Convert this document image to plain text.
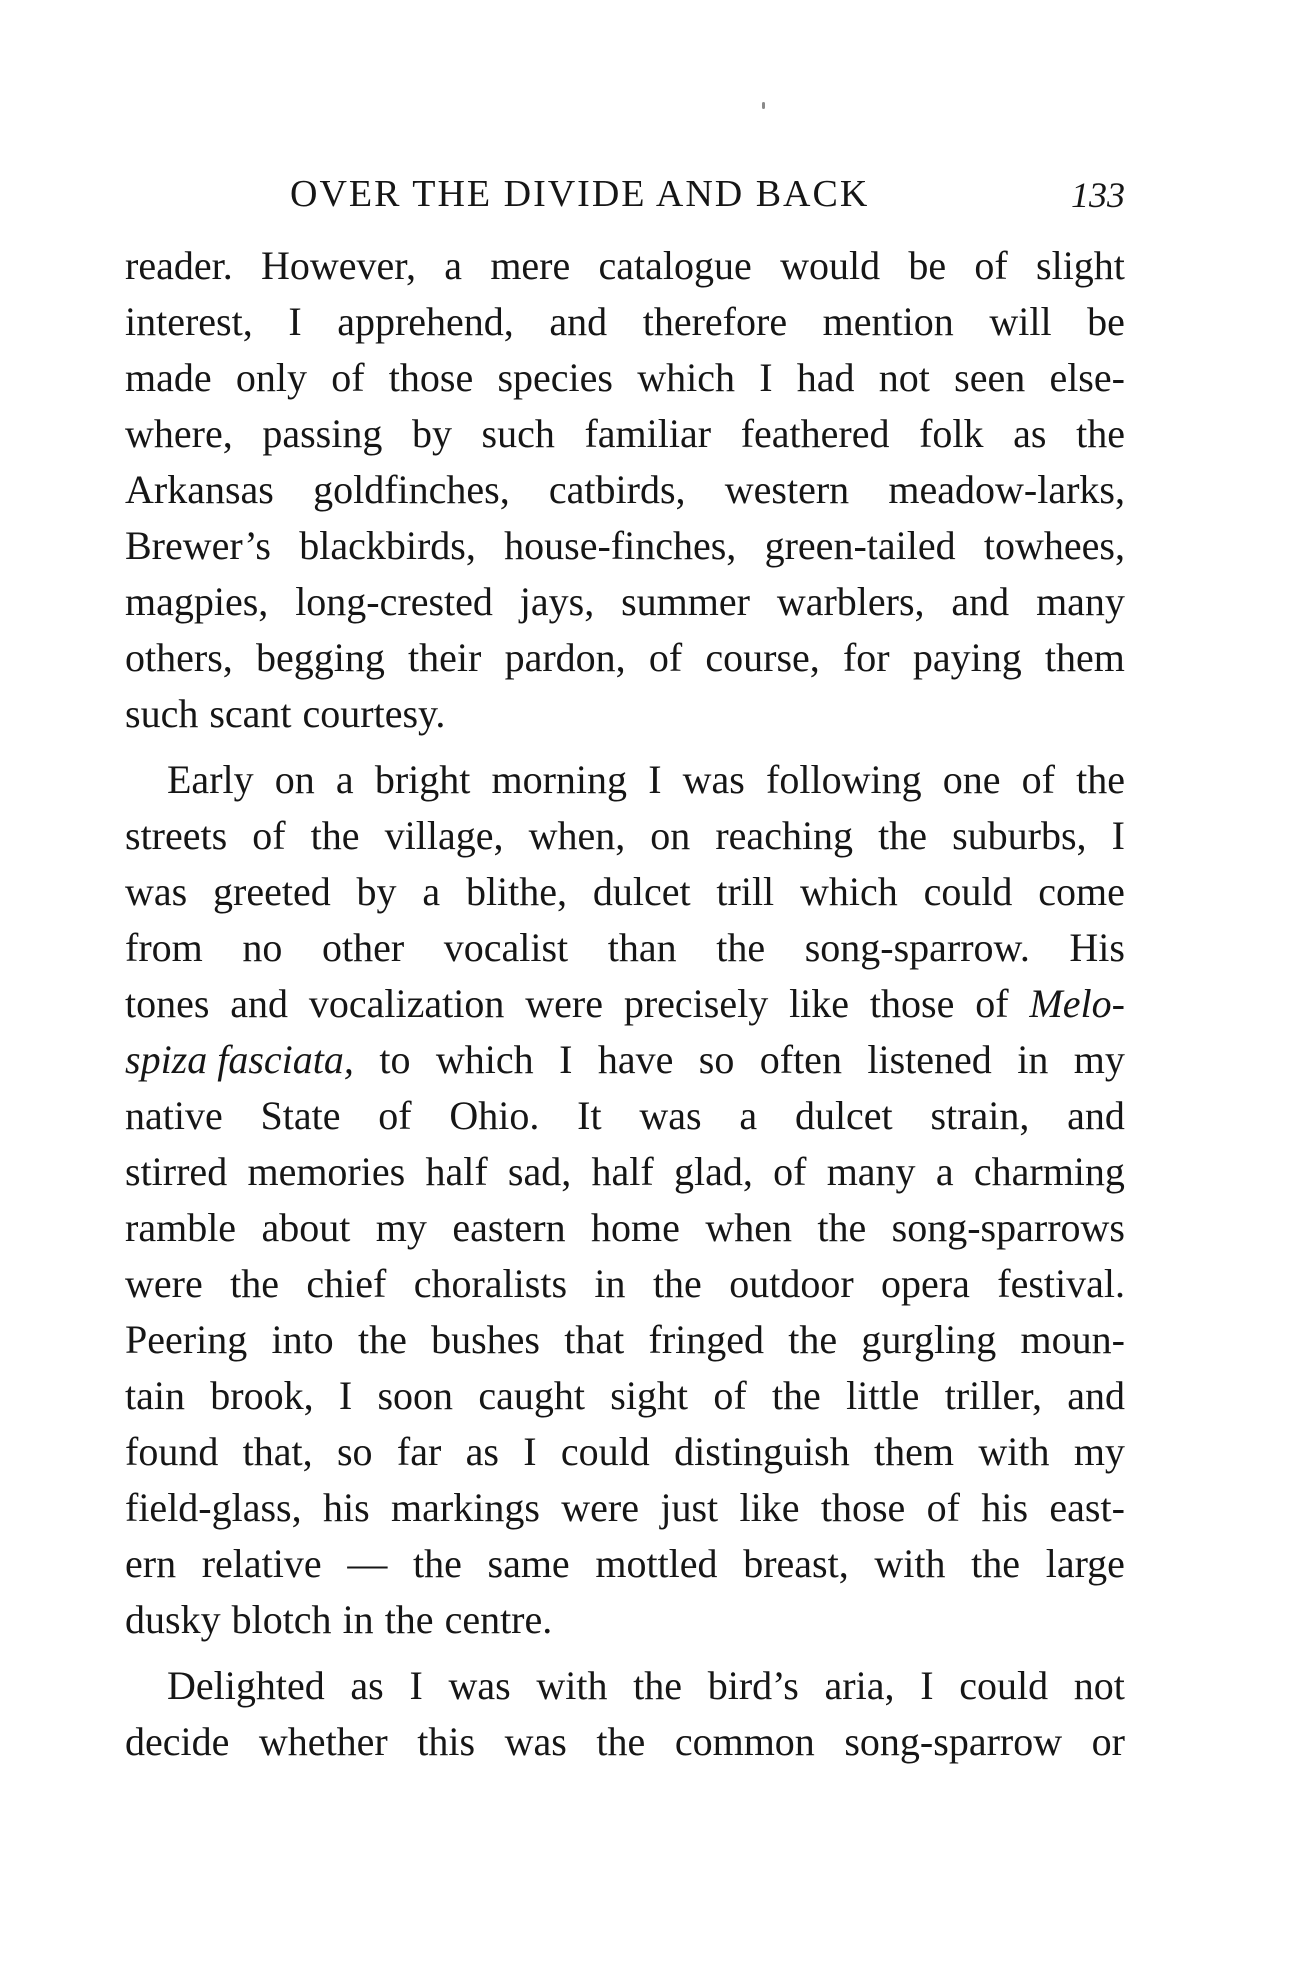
OVER THE DIVIDE AND BACK	133
reader. However, a mere catalogue would be of slight
interest, I apprehend, and therefore mention will be
made only of those species which I had not seen else-
where, passing by such familiar feathered folk as the
Arkansas goldfinches, catbirds, western meadow-larks,
Brewer’s blackbirds, house-finches, green-tailed towhees,
magpies, long-crested jays, summer warblers, and many
others, begging their pardon, of course, for paying them
such scant courtesy.
Early on a bright morning I was following one of the
streets of the village, when, on reaching the suburbs, I
was greeted by a blithe, dulcet trill which could come
from no other vocalist than the song-sparrow. His
tones and vocalization were precisely like those of Melo-
spiza fasciata, to which I have so often listened in my
native State of Ohio. It was a dulcet strain, and
stirred memories half sad, half glad, of many a charming
ramble about my eastern home when the song-sparrows
were the chief choralists in the outdoor opera festival.
Peering into the bushes that fringed the gurgling moun-
tain brook, I soon caught sight of the little triller, and
found that, so far as I could distinguish them with my
field-glass, his markings were just like those of his east-
ern relative — the same mottled breast, with the large
dusky blotch in the centre.
Delighted as I was with the bird’s aria, I could not
decide whether this was the common song-sparrow or
